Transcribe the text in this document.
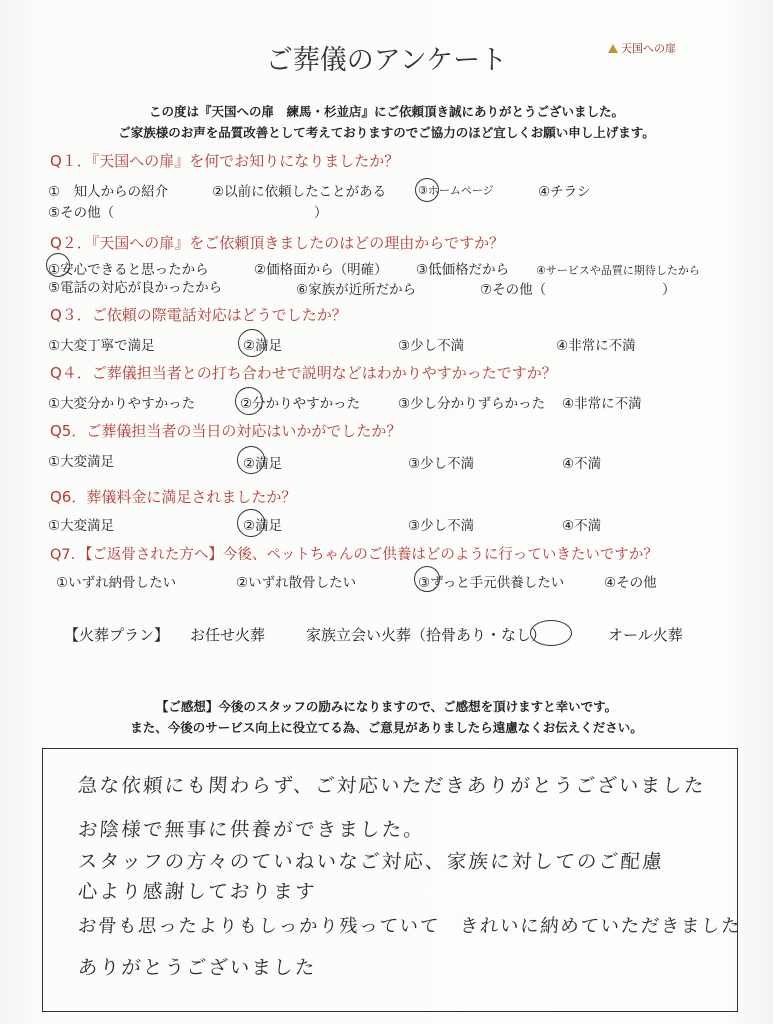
ご葬儀のアンケート	天国への扉
この度は『天国への扉　練馬・杉並店』にご依頼頂き誠にありがとうございました。
ご家族様のお声を品質改善として考えておりますのでご協力のほど宜しくお願い申し上げます。
Q１．『天国への扉』を何でお知りになりましたか？
①　知人からの紹介	②以前に依頼したことがある	③ホームページ	④チラシ
⑤その他（	）
Q２．『天国への扉』をご依頼頂きましたのはどの理由からですか？
①安心できると思ったから	②価格面から（明確） ③低価格だから ④サービスや品質に期待したから
⑤電話の対応が良かったから	⑥家族が近所だから	⑦その他（	）
Q３．ご依頼の際電話対応はどうでしたか？
①大変丁寧で満足	②満足	③少し不満	④非常に不満
Q４．ご葬儀担当者との打ち合わせで説明などはわかりやすかったですか？
①大変分かりやすかった	②分かりやすかった	③少し分かりずらかった ④非常に不満
Q5．ご葬儀担当者の当日の対応はいかがでしたか？
①大変満足	②満足	③少し不満	④不満
Q6．葬儀料金に満足されましたか？
①大変満足	②満足	③少し不満	④不満
Q7．【ご返骨された方へ】今後、ペットちゃんのご供養はどのように行っていきたいですか？
①いずれ納骨したい	②いずれ散骨したい	③ずっと手元供養したい	④その他
【火葬プラン】 お任せ火葬	家族立会い火葬（拾骨あり・なし）	オール火葬
【ご感想】今後のスタッフの励みになりますので、ご感想を頂けますと幸いです。
また、今後のサービス向上に役立てる為、ご意見がありましたら遠慮なくお伝えください。
急な依頼にも関わらず、ご対応いただきありがとうございました
お陰様で無事に供養ができました。
スタッフの方々のていねいなご対応、家族に対してのご配慮
心より感謝しております
お骨も思ったよりもしっかり残っていて　きれいに納めていただきました
ありがとうございました
